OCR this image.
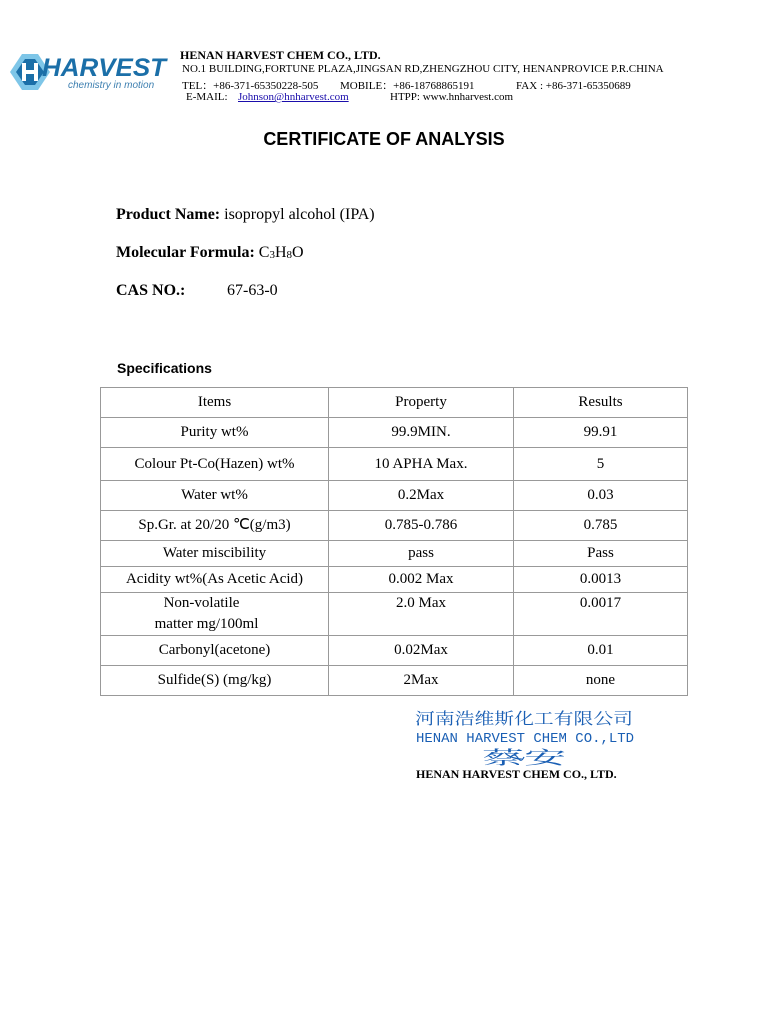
HARVEST
chemistry in motion
HENAN HARVEST CHEM CO., LTD.
NO.1 BUILDING,FORTUNE PLAZA,JINGSAN RD,ZHENGZHOU CITY, HENANPROVICE P.R.CHINA
TEL：+86-371-65350228-505 MOBILE：+86-18768865191	FAX : +86-371-65350689
E-MAIL: Johnson@hnharvest.com	HTPP: www.hnharvest.com
CERTIFICATE OF ANALYSIS
Product Name: isopropyl alcohol (IPA)
Molecular Formula: $C_3H_8O$
CAS NO.:	67-63-0
Specifications
Items	Property	Results
Purity wt%	99.9MIN.	99.91
Colour Pt-Co(Hazen) wt%	10 APHA Max.	5
Water wt%	0.2Max	0.03
Sp.Gr. at 20/20 ℃(g/m3)	0.785-0.786	0.785
Water miscibility	pass	Pass
Acidity wt%(As Acetic Acid)	0.002 Max	0.0013

Non-volatile
matter mg/100ml	2.0 Max	0.0017
Carbonyl(acetone)	0.02Max	0.01
Sulfide(S) (mg/kg)	2Max	none
河南浩维斯化工有限公司
HENAN HARVEST CHEM CO.,LTD
蔡安
HENAN HARVEST CHEM CO., LTD.
